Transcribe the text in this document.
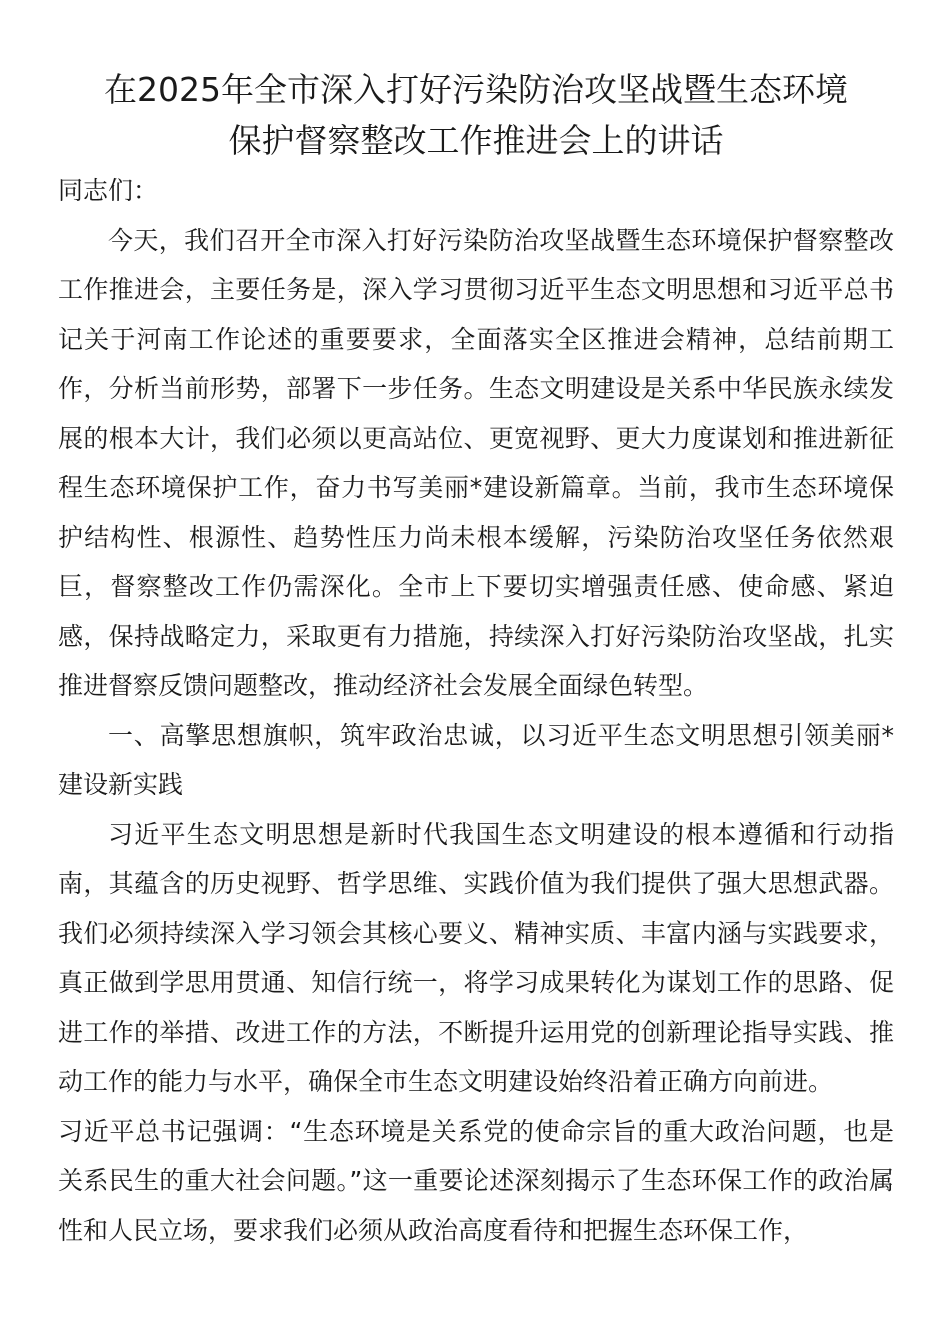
在2025年全市深入打好污染防治攻坚战暨生态环境
保护督察整改工作推进会上的讲话

同志们：

今天，我们召开全市深入打好污染防治攻坚战暨生态环境保护督察整改工作推进会，主要任务是，深入学习贯彻习近平生态文明思想和习近平总书记关于河南工作论述的重要要求，全面落实全区推进会精神，总结前期工作，分析当前形势，部署下一步任务。生态文明建设是关系中华民族永续发展的根本大计，我们必须以更高站位、更宽视野、更大力度谋划和推进新征程生态环境保护工作，奋力书写美丽*建设新篇章。当前，我市生态环境保护结构性、根源性、趋势性压力尚未根本缓解，污染防治攻坚任务依然艰巨，督察整改工作仍需深化。全市上下要切实增强责任感、使命感、紧迫感，保持战略定力，采取更有力措施，持续深入打好污染防治攻坚战，扎实推进督察反馈问题整改，推动经济社会发展全面绿色转型。

一、高擎思想旗帜，筑牢政治忠诚，以习近平生态文明思想引领美丽*建设新实践

习近平生态文明思想是新时代我国生态文明建设的根本遵循和行动指南，其蕴含的历史视野、哲学思维、实践价值为我们提供了强大思想武器。我们必须持续深入学习领会其核心要义、精神实质、丰富内涵与实践要求，真正做到学思用贯通、知信行统一，将学习成果转化为谋划工作的思路、促进工作的举措、改进工作的方法，不断提升运用党的创新理论指导实践、推动工作的能力与水平，确保全市生态文明建设始终沿着正确方向前进。

习近平总书记强调：“生态环境是关系党的使命宗旨的重大政治问题，也是关系民生的重大社会问题。”这一重要论述深刻揭示了生态环保工作的政治属性和人民立场，要求我们必须从政治高度看待和把握生态环保工作，
